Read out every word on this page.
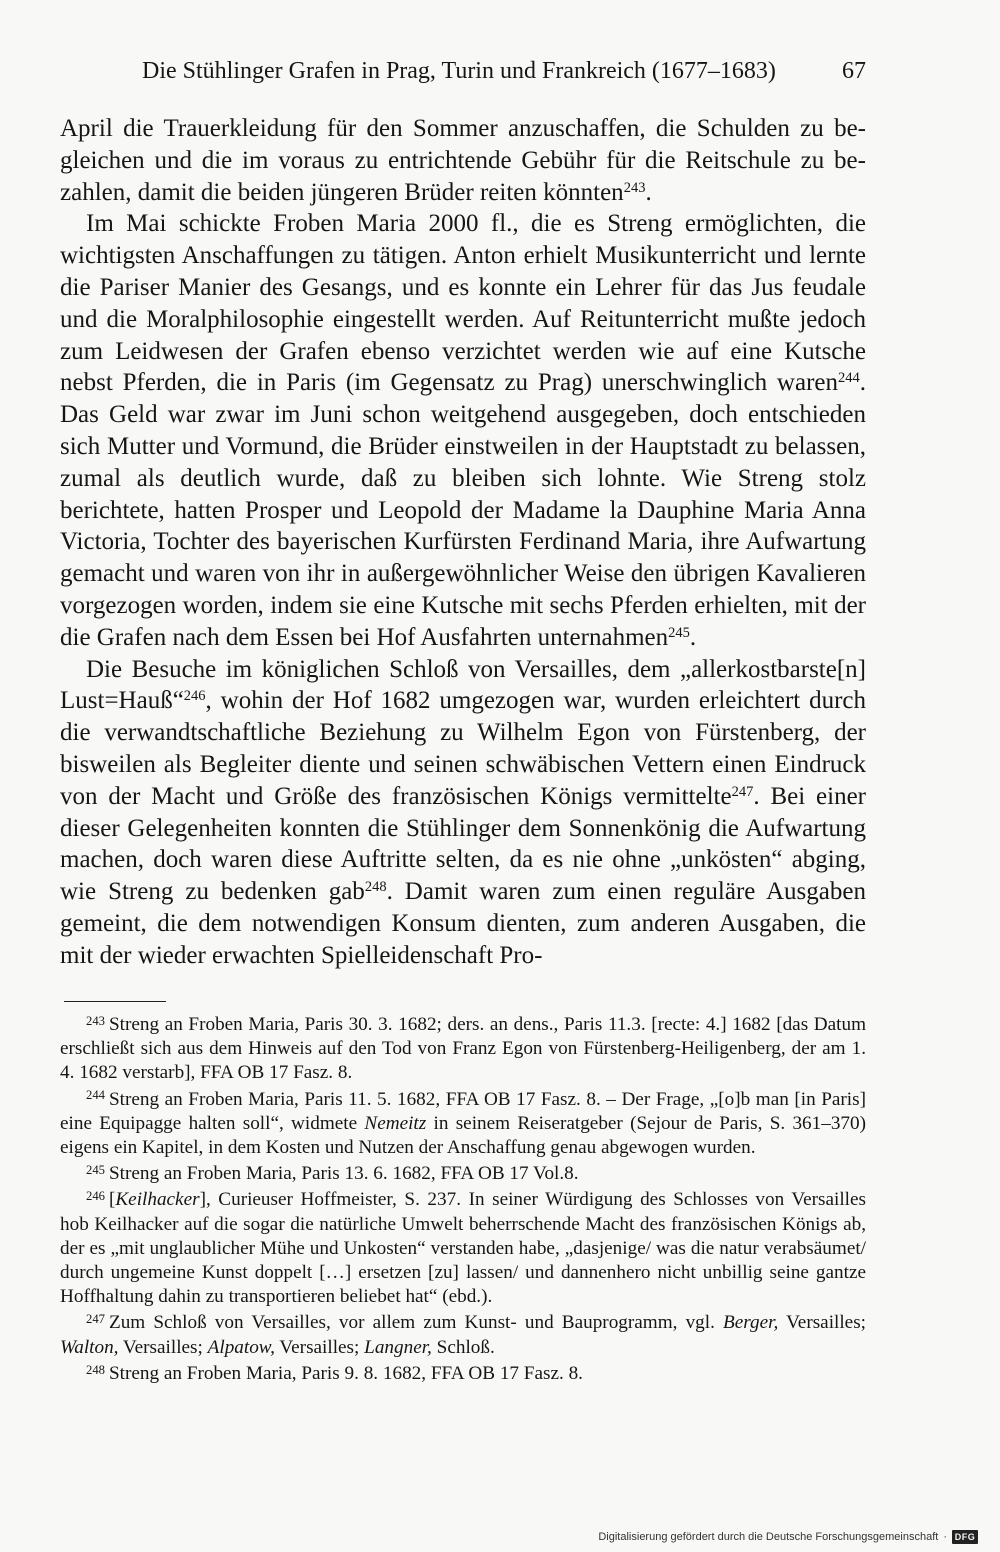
Die Stühlinger Grafen in Prag, Turin und Frankreich (1677–1683)	67

April die Trauerkleidung für den Sommer anzuschaffen, die Schulden zu begleichen und die im voraus zu entrichtende Gebühr für die Reitschule zu bezahlen, damit die beiden jüngeren Brüder reiten könnten$^{243}$.

Im Mai schickte Froben Maria 2000 fl., die es Streng ermöglichten, die wichtigsten Anschaffungen zu tätigen. Anton erhielt Musikunterricht und lernte die Pariser Manier des Gesangs, und es konnte ein Lehrer für das Jus feudale und die Moralphilosophie eingestellt werden. Auf Reitunterricht mußte jedoch zum Leidwesen der Grafen ebenso verzichtet werden wie auf eine Kutsche nebst Pferden, die in Paris (im Gegensatz zu Prag) unerschwinglich waren$^{244}$. Das Geld war zwar im Juni schon weitgehend ausgegeben, doch entschieden sich Mutter und Vormund, die Brüder einstweilen in der Hauptstadt zu belassen, zumal als deutlich wurde, daß zu bleiben sich lohnte. Wie Streng stolz berichtete, hatten Prosper und Leopold der Madame la Dauphine Maria Anna Victoria, Tochter des bayerischen Kurfürsten Ferdinand Maria, ihre Aufwartung gemacht und waren von ihr in außergewöhnlicher Weise den übrigen Kavalieren vorgezogen worden, indem sie eine Kutsche mit sechs Pferden erhielten, mit der die Grafen nach dem Essen bei Hof Ausfahrten unternahmen$^{245}$.

Die Besuche im königlichen Schloß von Versailles, dem „allerkostbarste[n] Lust=Hauß“$^{246}$, wohin der Hof 1682 umgezogen war, wurden erleichtert durch die verwandtschaftliche Beziehung zu Wilhelm Egon von Fürstenberg, der bisweilen als Begleiter diente und seinen schwäbischen Vettern einen Eindruck von der Macht und Größe des französischen Königs vermittelte$^{247}$. Bei einer dieser Gelegenheiten konnten die Stühlinger dem Sonnenkönig die Aufwartung machen, doch waren diese Auftritte selten, da es nie ohne „unkösten“ abging, wie Streng zu bedenken gab$^{248}$. Damit waren zum einen reguläre Ausgaben gemeint, die dem notwendigen Konsum dienten, zum anderen Ausgaben, die mit der wieder erwachten Spielleidenschaft Pro-

$^{243}$ Streng an Froben Maria, Paris 30. 3. 1682; ders. an dens., Paris 11.3. [recte: 4.] 1682 [das Datum erschließt sich aus dem Hinweis auf den Tod von Franz Egon von Fürstenberg-Heiligenberg, der am 1. 4. 1682 verstarb], FFA OB 17 Fasz. 8.

$^{244}$ Streng an Froben Maria, Paris 11. 5. 1682, FFA OB 17 Fasz. 8. – Der Frage, „[o]b man [in Paris] eine Equipagge halten soll“, widmete Nemeitz in seinem Reiseratgeber (Sejour de Paris, S. 361–370) eigens ein Kapitel, in dem Kosten und Nutzen der Anschaffung genau abgewogen wurden.

$^{245}$ Streng an Froben Maria, Paris 13. 6. 1682, FFA OB 17 Vol.8.

$^{246}$ [Keilhacker], Curieuser Hoffmeister, S. 237. In seiner Würdigung des Schlosses von Versailles hob Keilhacker auf die sogar die natürliche Umwelt beherrschende Macht des französischen Königs ab, der es „mit unglaublicher Mühe und Unkosten“ verstanden habe, „dasjenige/ was die natur verabsäumet/ durch ungemeine Kunst doppelt […] ersetzen [zu] lassen/ und dannenhero nicht unbillig seine gantze Hoffhaltung dahin zu transportieren beliebet hat“ (ebd.).

$^{247}$ Zum Schloß von Versailles, vor allem zum Kunst- und Bauprogramm, vgl. Berger, Versailles; Walton, Versailles; Alpatow, Versailles; Langner, Schloß.

$^{248}$ Streng an Froben Maria, Paris 9. 8. 1682, FFA OB 17 Fasz. 8.

Digitalisierung gefördert durch die Deutsche Forschungsgemeinschaft · DFG
